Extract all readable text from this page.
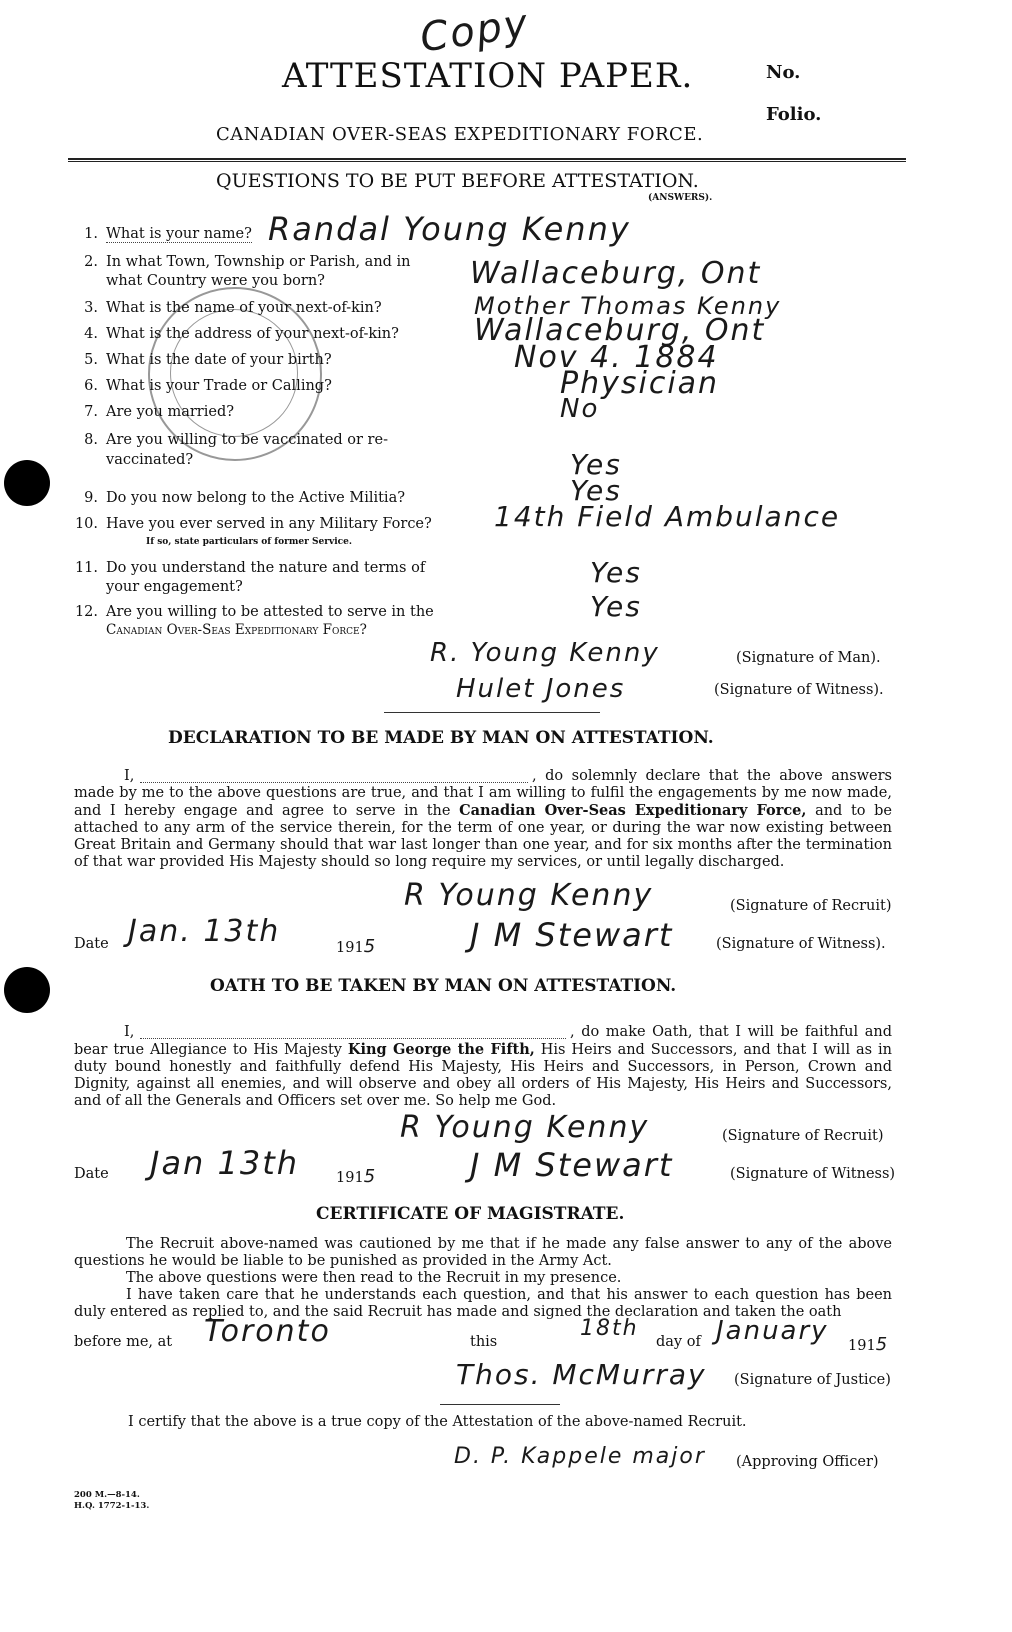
Copy
ATTESTATION PAPER.	No.
Folio.
CANADIAN OVER-SEAS EXPEDITIONARY FORCE.
QUESTIONS TO BE PUT BEFORE ATTESTATION.
(ANSWERS).
1. What is your name? Randal Young Kenny
2. In what Town, Township or Parish, and in
what Country were you born?	Wallaceburg, Ont
3. What is the name of your next-of-kin?	Mother Thomas Kenny
4. What is the address of your next-of-kin?	Wallaceburg, Ont
5. What is the date of your birth?	Nov 4. 1884
6. What is your Trade or Calling?	Physician
7. Are you married?	No
8. Are you willing to be vaccinated or re-
vaccinated?	Yes
9. Do you now belong to the Active Militia?	Yes
10. Have you ever served in any Military Force?
If so, state particulars of former Service.
14th Field Ambulance
11. Do you understand the nature and terms of
your engagement?	Yes
12. Are you willing to be attested to serve in the
Canadian Over-Seas Expeditionary Force?
Yes
R. Young Kenny	(Signature of Man).
Hulet Jones	(Signature of Witness).
DECLARATION TO BE MADE BY MAN ON ATTESTATION.
I,	, do solemnly declare that the above answers made by me to the above questions are true, and that I am willing to fulfil the engagements by me now made, and I hereby engage and agree to serve in the Canadian Over-Seas Expeditionary Force, and to be attached to any arm of the service therein, for the term of one year, or during the war now existing between Great Britain and Germany should that war last longer than one year, and for six months after the termination of that war provided His Majesty should so long require my services, or until legally discharged.
R Young Kenny	(Signature of Recruit)
Date Jan. 13th	1915	J M Stewart	(Signature of Witness).
OATH TO BE TAKEN BY MAN ON ATTESTATION.
I,	, do make Oath, that I will be faithful and bear true Allegiance to His Majesty King George the Fifth, His Heirs and Successors, and that I will as in duty bound honestly and faithfully defend His Majesty, His Heirs and Successors, in Person, Crown and Dignity, against all enemies, and will observe and obey all orders of His Majesty, His Heirs and Successors, and of all the Generals and Officers set over me. So help me God.
R Young Kenny	(Signature of Recruit)
Date Jan 13th	1915	J M Stewart	(Signature of Witness)
CERTIFICATE OF MAGISTRATE.
The Recruit above-named was cautioned by me that if he made any false answer to any of the above questions he would be liable to be punished as provided in the Army Act.
The above questions were then read to the Recruit in my presence.
I have taken care that he understands each question, and that his answer to each question has been duly entered as replied to, and the said Recruit has made and signed the declaration and taken the oath
before me, at Toronto	this
18th
day of January 1915
Thos. McMurray (Signature of Justice)
I certify that the above is a true copy of the Attestation of the above-named Recruit.
D. P. Kappele major (Approving Officer)
200 M.—8-14.
H.Q. 1772-1-13.
